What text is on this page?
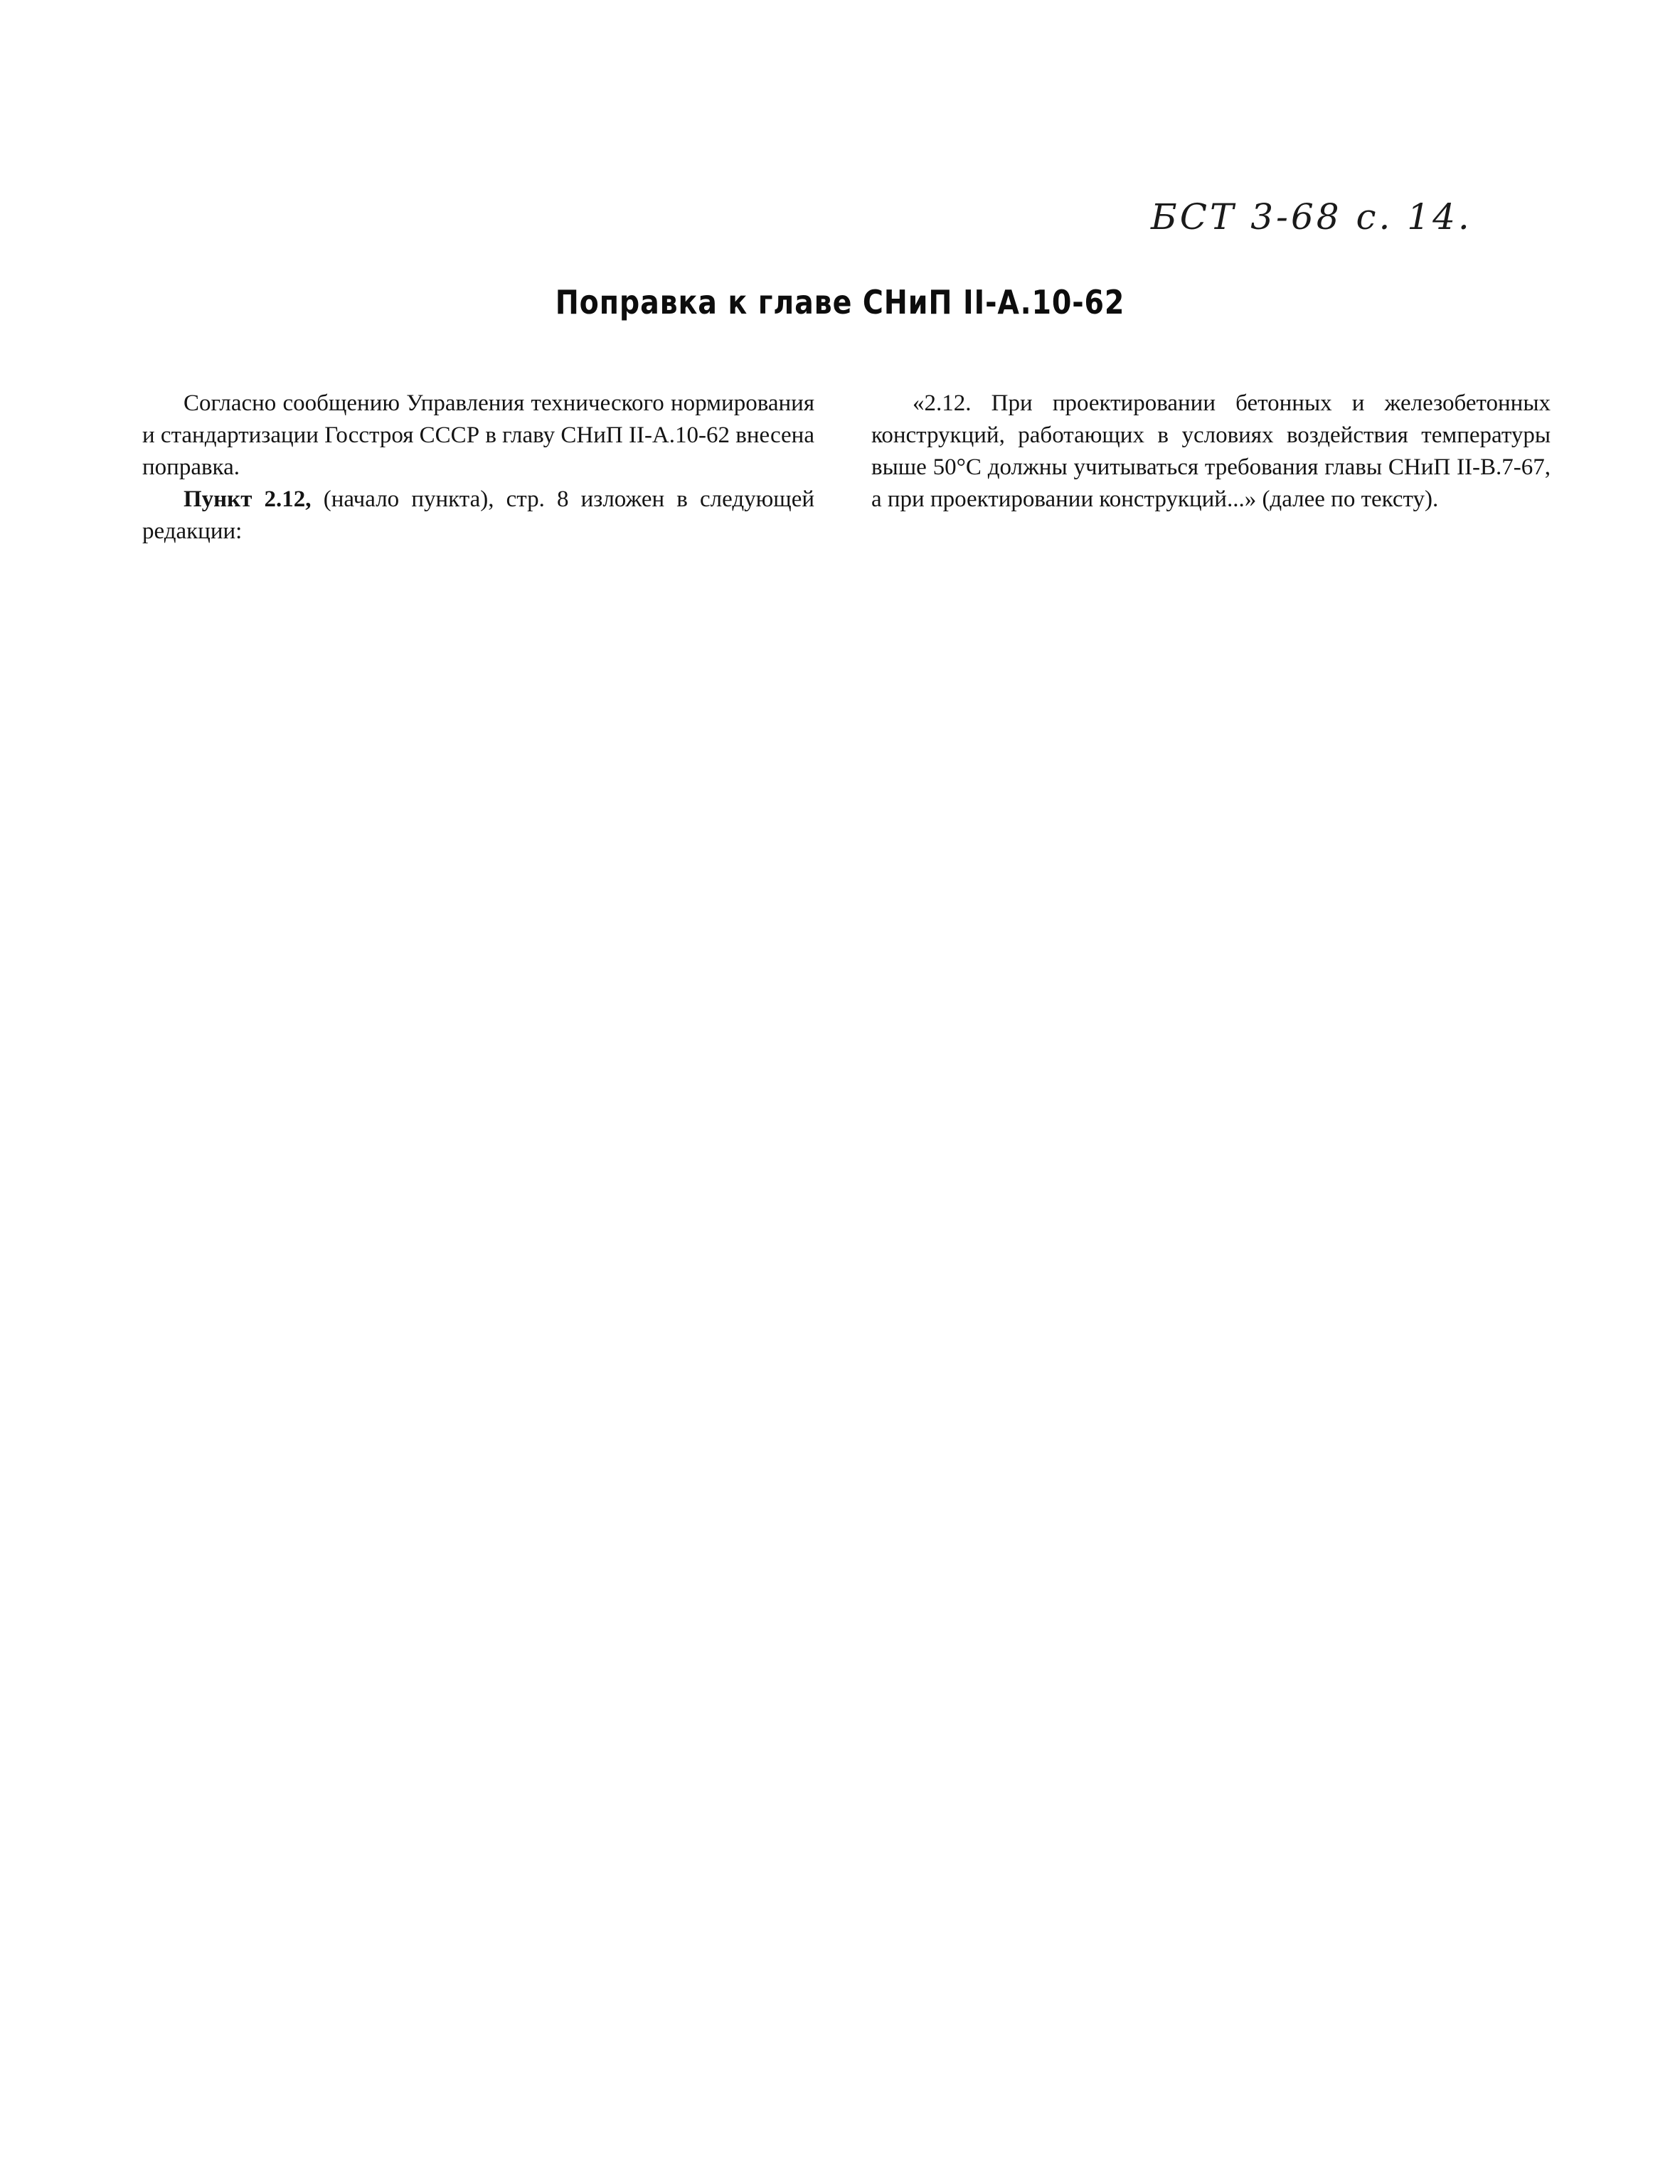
БСТ 3-68 с. 14.
Поправка к главе СНиП II-A.10-62

Согласно сообщению Управления технического нормирования и стандартизации Госстроя СССР в главу СНиП II-A.10-62 внесена поправка.

Пункт 2.12, (начало пункта), стр. 8 изложен в следующей редакции:

«2.12. При проектировании бетонных и железобетонных конструкций, работающих в условиях воздействия температуры выше 50°С должны учитываться требования главы СНиП II-B.7-67, а при проектировании конструкций...» (далее по тексту).
